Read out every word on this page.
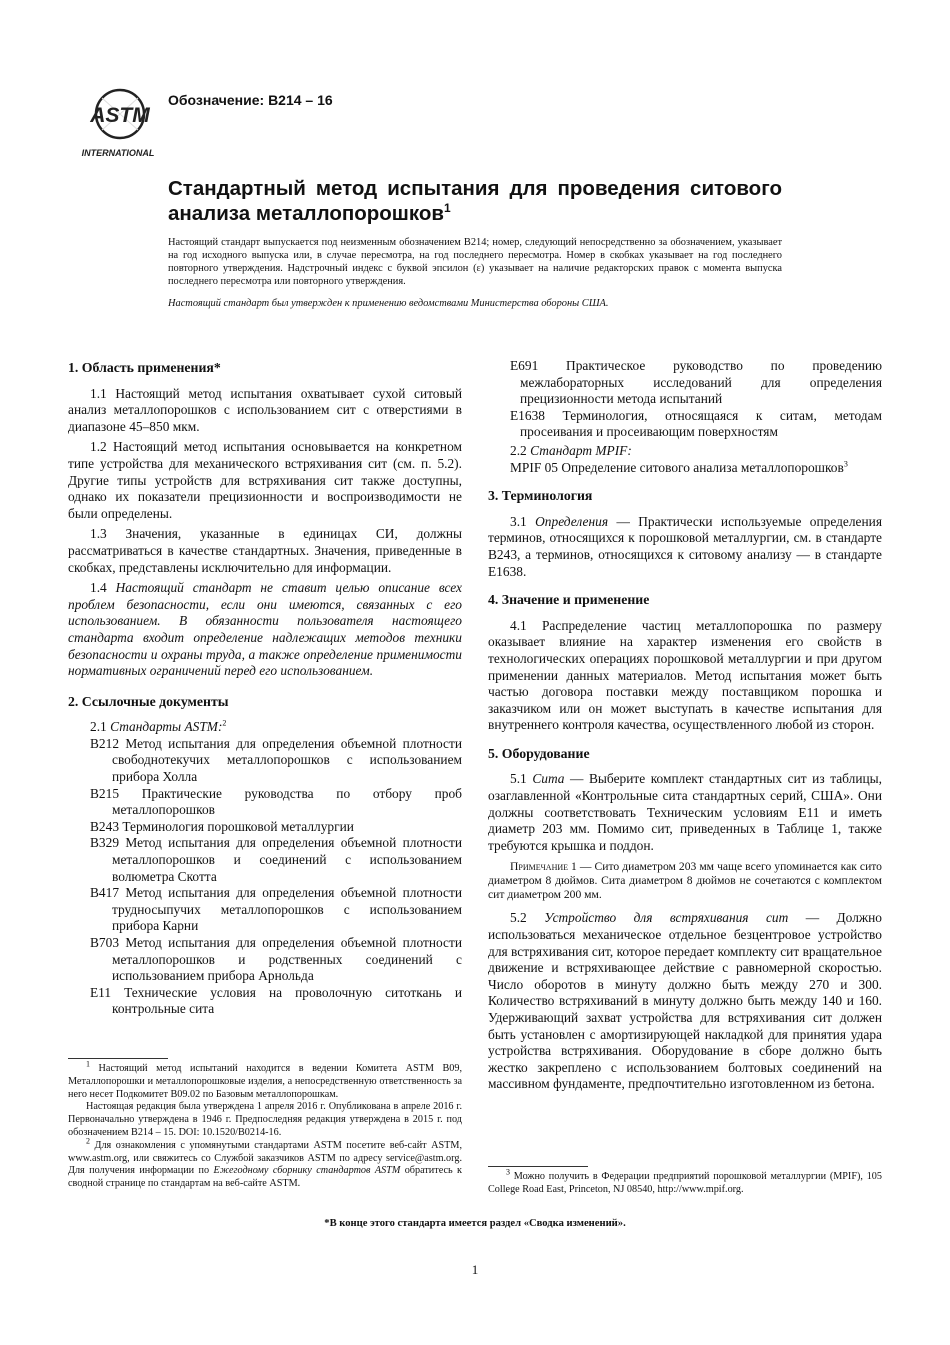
ASTM
INTERNATIONAL
Обозначение: B214 – 16
Стандартный метод испытания для проведения ситового анализа металлопорошков$^1$
Настоящий стандарт выпускается под неизменным обозначением B214; номер, следующий непосредственно за обозначением, указывает на год исходного выпуска или, в случае пересмотра, на год последнего пересмотра. Номер в скобках указывает на год последнего повторного утверждения. Надстрочный индекс с буквой эпсилон (ε) указывает на наличие редакторских правок с момента выпуска последнего пересмотра или повторного утверждения.
Настоящий стандарт был утвержден к применению ведомствами Министерства обороны США.
1. Область применения*

1.1 Настоящий метод испытания охватывает сухой ситовый анализ металлопорошков с использованием сит с отверстиями в диапазоне 45–850 мкм.

1.2 Настоящий метод испытания основывается на конкретном типе устройства для механического встряхивания сит (см. п. 5.2). Другие типы устройств для встряхивания сит также доступны, однако их показатели прецизионности и воспроизводимости не были определены.

1.3 Значения, указанные в единицах СИ, должны рассматриваться в качестве стандартных. Значения, приведенные в скобках, представлены исключительно для информации.

1.4 Настоящий стандарт не ставит целью описание всех проблем безопасности, если они имеются, связанных с его использованием. В обязанности пользователя настоящего стандарта входит определение надлежащих методов техники безопасности и охраны труда, а также определение применимости нормативных ограничений перед его использованием.

2. Ссылочные документы

2.1 Стандарты ASTM:$^2$

B212 Метод испытания для определения объемной плотности свободнотекучих металлопорошков с использованием прибора Холла

B215 Практические руководства по отбору проб металлопорошков

B243 Терминология порошковой металлургии

B329 Метод испытания для определения объемной плотности металлопорошков и соединений с использованием волюметра Скотта

B417 Метод испытания для определения объемной плотности трудносыпучих металлопорошков с использованием прибора Карни

B703 Метод испытания для определения объемной плотности металлопорошков и родственных соединений с использованием прибора Арнольда

E11 Технические условия на проволочную ситоткань и контрольные сита

$^1$ Настоящий метод испытаний находится в ведении Комитета ASTM B09, Металлопорошки и металлопорошковые изделия, а непосредственную ответственность за него несет Подкомитет B09.02 по Базовым металлопорошкам.

Настоящая редакция была утверждена 1 апреля 2016 г. Опубликована в апреле 2016 г. Первоначально утверждена в 1946 г. Предпоследняя редакция утверждена в 2015 г. под обозначением B214 – 15. DOI: 10.1520/B0214-16.

$^2$ Для ознакомления с упомянутыми стандартами ASTM посетите веб-сайт ASTM, www.astm.org, или свяжитесь со Службой заказчиков ASTM по адресу service@astm.org. Для получения информации по Ежегодному сборнику стандартов ASTM обратитесь к сводной странице по стандартам на веб-сайте ASTM.

E691 Практическое руководство по проведению межлабораторных исследований для определения прецизионности метода испытаний

E1638 Терминология, относящаяся к ситам, методам просеивания и просеивающим поверхностям

2.2 Стандарт MPIF:

MPIF 05 Определение ситового анализа металлопорошков$^3$

3. Терминология

3.1 Определения — Практически используемые определения терминов, относящихся к порошковой металлургии, см. в стандарте B243, а терминов, относящихся к ситовому анализу — в стандарте E1638.

4. Значение и применение

4.1 Распределение частиц металлопорошка по размеру оказывает влияние на характер изменения его свойств в технологических операциях порошковой металлургии и при другом применении данных материалов. Метод испытания может быть частью договора поставки между поставщиком порошка и заказчиком или он может выступать в качестве испытания для внутреннего контроля качества, осуществленного любой из сторон.

5. Оборудование

5.1 Сита — Выберите комплект стандартных сит из таблицы, озаглавленной «Контрольные сита стандартных серий, США». Они должны соответствовать Техническим условиям E11 и иметь диаметр 203 мм. Помимо сит, приведенных в Таблице 1, также требуются крышка и поддон.

Примечание 1 — Сито диаметром 203 мм чаще всего упоминается как сито диаметром 8 дюймов. Сита диаметром 8 дюймов не сочетаются с комплектом сит диаметром 200 мм.

5.2 Устройство для встряхивания сит — Должно использоваться механическое отдельное безцентровое устройство для встряхивания сит, которое передает комплекту сит вращательное движение и встряхивающее действие с равномерной скоростью. Число оборотов в минуту должно быть между 270 и 300. Количество встряхиваний в минуту должно быть между 140 и 160. Удерживающий захват устройства для встряхивания сит должен быть установлен с амортизирующей накладкой для принятия удара устройства встряхивания. Оборудование в сборе должно быть жестко закреплено с использованием болтовых соединений на массивном фундаменте, предпочтительно изготовленном из бетона.

$^3$ Можно получить в Федерации предприятий порошковой металлургии (MPIF), 105 College Road East, Princeton, NJ 08540, http://www.mpif.org.

*В конце этого стандарта имеется раздел «Сводка изменений».
1
